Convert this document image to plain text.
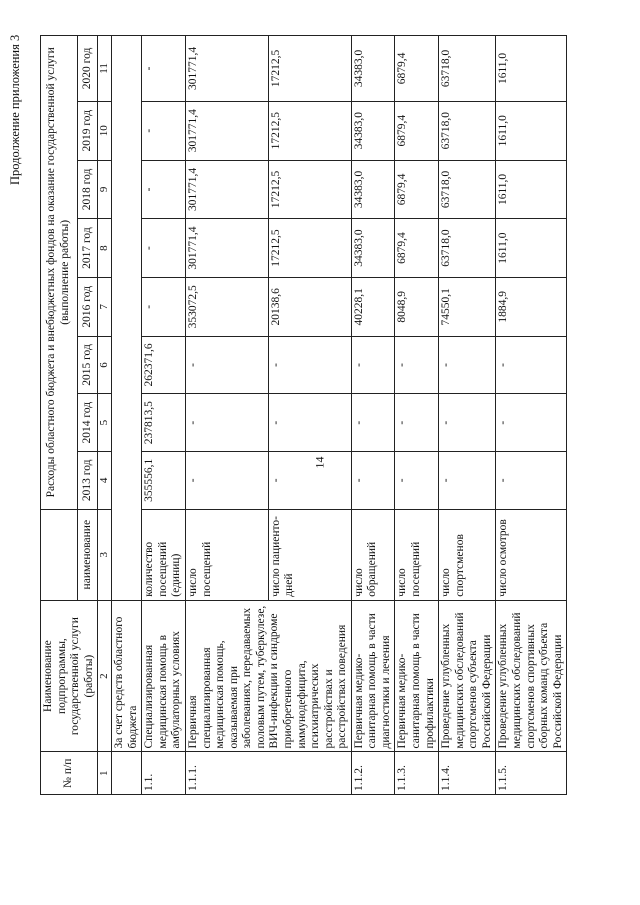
14
Продолжение приложения 3
№ п/п	Наименование подпрограммы, государственной услуги (работы)		Расходы областного бюджета и внебюджетных фондов на оказание государственной услуги (выполнение работы)							
		наименование	2013 год	2014 год	2015 год	2016 год	2017 год	2018 год	2019 год	2020 год
1	2	3	4	5	6	7	8	9	10	11
	За счет средств областного бюджета									
1.1.	Специализированная медицинская помощь в амбулаторных условиях	количество посещений (единиц)	355556,1	237813,5	262371,6	-	-	-	-	-
1.1.1.	Первичная специализированная медицинская помощь, оказываемая при заболеваниях, передаваемых половым путем, туберкулезе, ВИЧ-инфекции и синдроме приобретенного иммунодефицита, психиатрических расстройствах и расстройствах поведения	число посещений	-	-	-	353072,5	301771,4	301771,4	301771,4	301771,4
		число пациенто-дней	-	-	-	20138,6	17212,5	17212,5	17212,5	17212,5
1.1.2.	Первичная медико-санитарная помощь в части диагностики и лечения	число обращений	-	-	-	40228,1	34383,0	34383,0	34383,0	34383,0
1.1.3.	Первичная медико-санитарная помощь в части профилактики	число посещений	-	-	-	8048,9	6879,4	6879,4	6879,4	6879,4
1.1.4.	Проведение углубленных медицинских обследований спортсменов субъекта Российской Федерации	число спортсменов	-	-	-	74550,1	63718,0	63718,0	63718,0	63718,0
1.1.5.	Проведение углубленных медицинских обследований спортсменов спортивных сборных команд субъекта Российской Федерации	число осмотров	-	-	-	1884,9	1611,0	1611,0	1611,0	1611,0
